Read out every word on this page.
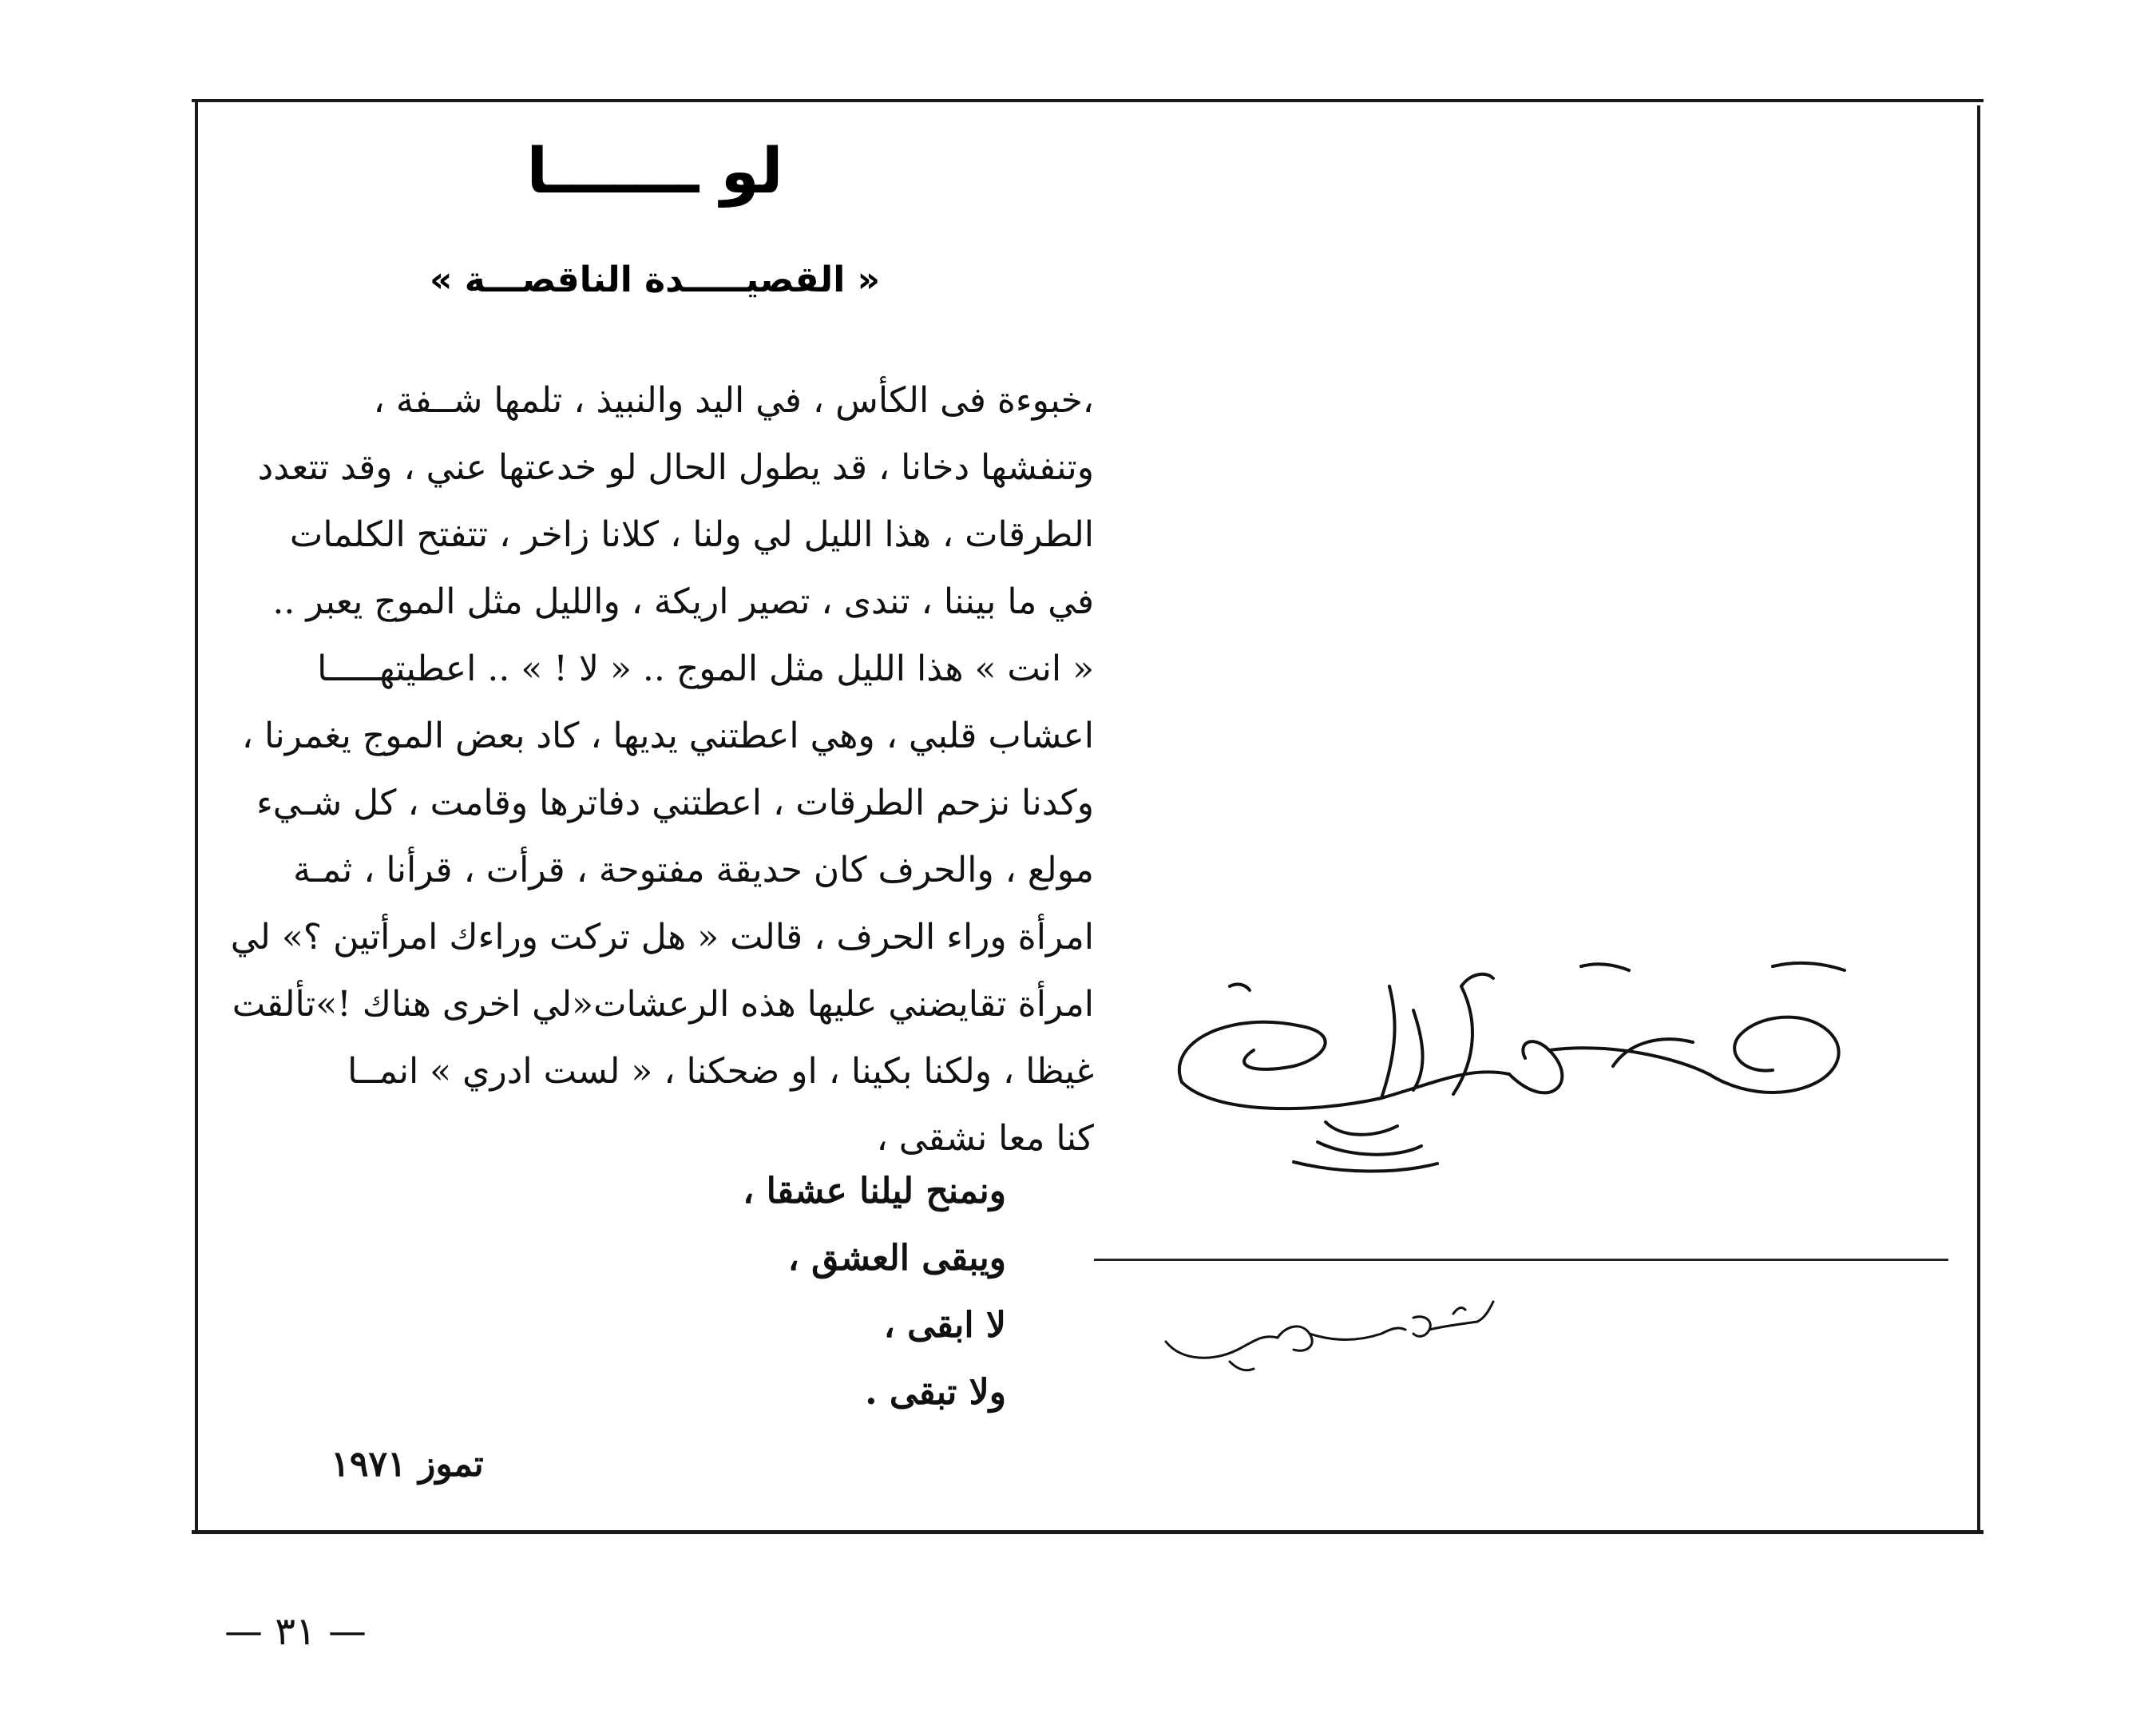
لو ـــــــا
« القصيـــــدة الناقصـــة »
،خبوءة فى الكأس ، في اليد والنبيذ ، تلمها شــفة ،
وتنفشها دخانا ، قد يطول الحال لو خدعتها عني ، وقد تتعدد
الطرقات ، هذا الليل لي ولنا ، كلانا زاخر ، تتفتح الكلمات
في ما بيننا ، تندى ، تصير اريكة ، والليل مثل الموج يعبر ..
« انت » هذا الليل مثل الموج .. « لا ! » .. اعطيتهـــــا
اعشاب قلبي ، وهي اعطتني يديها ، كاد بعض الموج يغمرنا ،
وكدنا نزحم الطرقات ، اعطتني دفاترها وقامت ، كل شـيء
مولع ، والحرف كان حديقة مفتوحة ، قرأت ، قرأنا ، ثمـة
امرأة وراء الحرف ، قالت « هل تركت وراءك امرأتين ؟» لي
امرأة تقايضني عليها هذه الرعشات«لي اخرى هناك !»تألقت
غيظا ، ولكنا بكينا ، او ضحكنا ، « لست ادري » انمــا
كنا معا نشقى ،
ونمنح ليلنا عشقا ،
ويبقى العشق ،
لا ابقى ،
ولا تبقى .
تموز ١٩٧١
— ٣١ —
